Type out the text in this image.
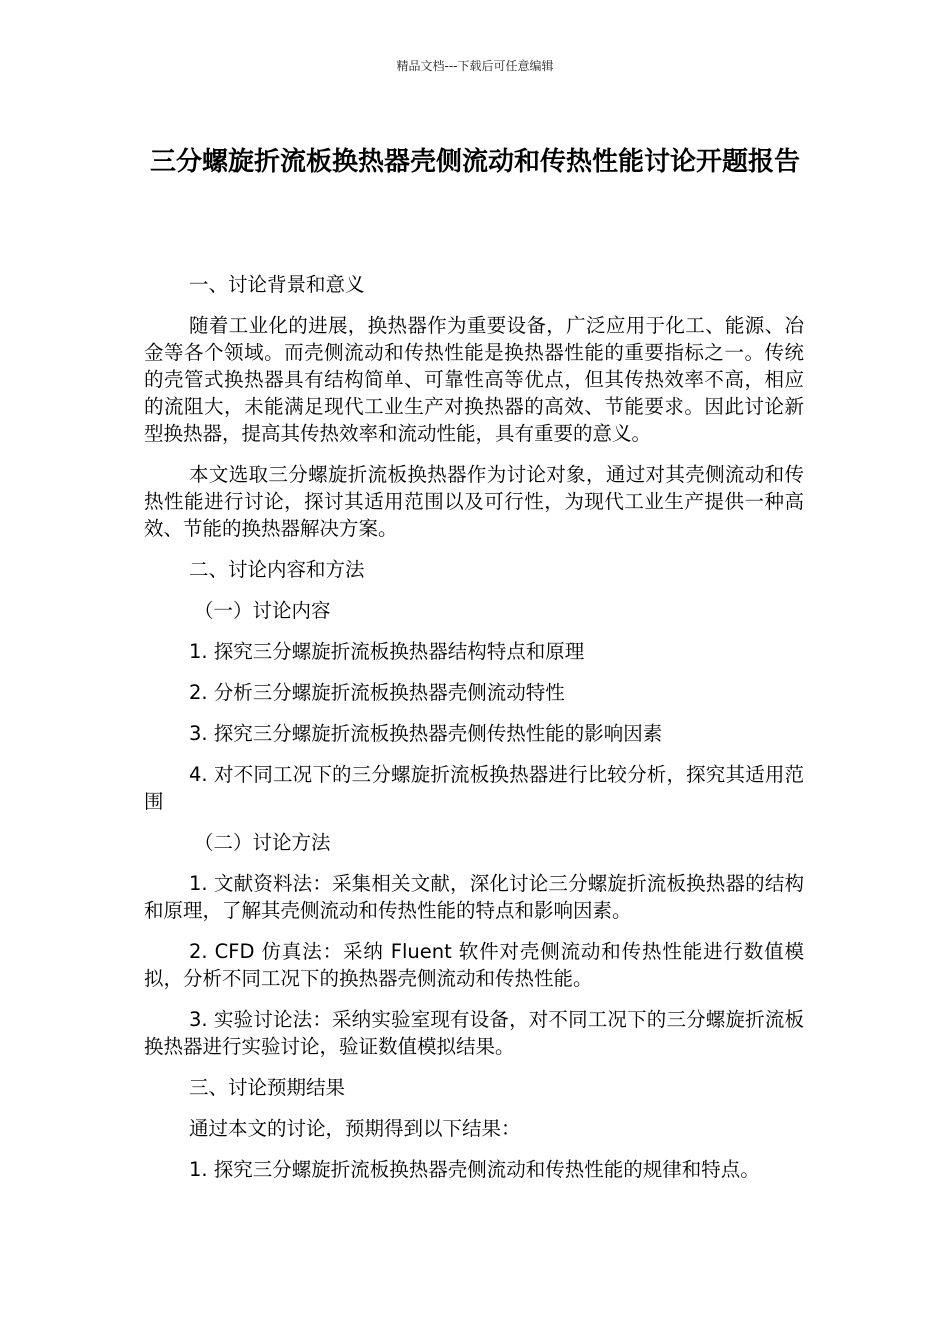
精品文档---下载后可任意编辑
三分螺旋折流板换热器壳侧流动和传热性能讨论开题报告

一、讨论背景和意义

随着工业化的进展，换热器作为重要设备，广泛应用于化工、能源、冶金等各个领域。而壳侧流动和传热性能是换热器性能的重要指标之一。传统的壳管式换热器具有结构简单、可靠性高等优点，但其传热效率不高，相应的流阻大，未能满足现代工业生产对换热器的高效、节能要求。因此讨论新型换热器，提高其传热效率和流动性能，具有重要的意义。

本文选取三分螺旋折流板换热器作为讨论对象，通过对其壳侧流动和传热性能进行讨论，探讨其适用范围以及可行性，为现代工业生产提供一种高效、节能的换热器解决方案。

二、讨论内容和方法

（一）讨论内容

1. 探究三分螺旋折流板换热器结构特点和原理

2. 分析三分螺旋折流板换热器壳侧流动特性

3. 探究三分螺旋折流板换热器壳侧传热性能的影响因素

4. 对不同工况下的三分螺旋折流板换热器进行比较分析，探究其适用范围

（二）讨论方法

1. 文献资料法：采集相关文献，深化讨论三分螺旋折流板换热器的结构和原理，了解其壳侧流动和传热性能的特点和影响因素。

2. CFD 仿真法：采纳 Fluent 软件对壳侧流动和传热性能进行数值模拟，分析不同工况下的换热器壳侧流动和传热性能。

3. 实验讨论法：采纳实验室现有设备，对不同工况下的三分螺旋折流板换热器进行实验讨论，验证数值模拟结果。

三、讨论预期结果

通过本文的讨论，预期得到以下结果：

1. 探究三分螺旋折流板换热器壳侧流动和传热性能的规律和特点。
